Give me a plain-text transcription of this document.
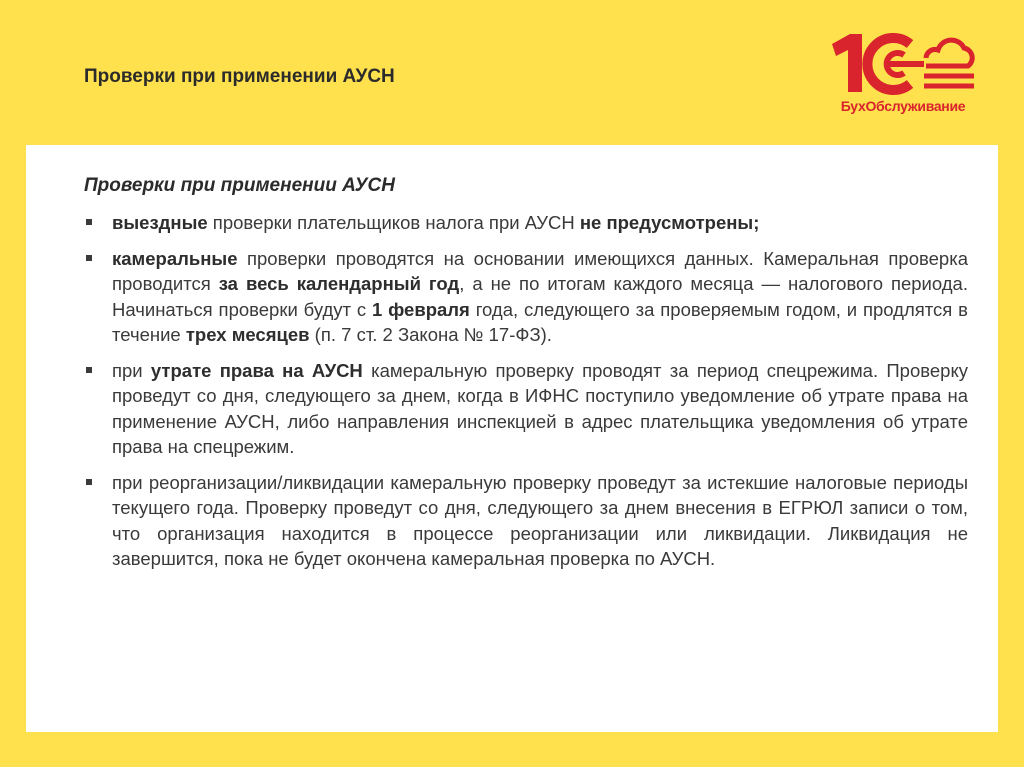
Проверки при применении АУСН
БухОбслуживание
Проверки при применении АУСН
выездные проверки плательщиков налога при АУСН не предусмотрены;
камеральные проверки проводятся на основании имеющихся данных. Камеральная проверка проводится за весь календарный год, а не по итогам каждого месяца — налогового периода. Начинаться проверки будут с 1 февраля года, следующего за проверяемым годом, и продлятся в течение трех месяцев (п. 7 ст. 2 Закона № 17-ФЗ).
при утрате права на АУСН камеральную проверку проводят за период спецрежима. Проверку проведут со дня, следующего за днем, когда в ИФНС поступило уведомление об утрате права на применение АУСН, либо направления инспекцией в адрес плательщика уведомления об утрате права на спецрежим.
при реорганизации/ликвидации камеральную проверку проведут за истекшие налоговые периоды текущего года. Проверку проведут со дня, следующего за днем внесения в ЕГРЮЛ записи о том, что организация находится в процессе реорганизации или ликвидации. Ликвидация не завершится, пока не будет окончена камеральная проверка по АУСН.
